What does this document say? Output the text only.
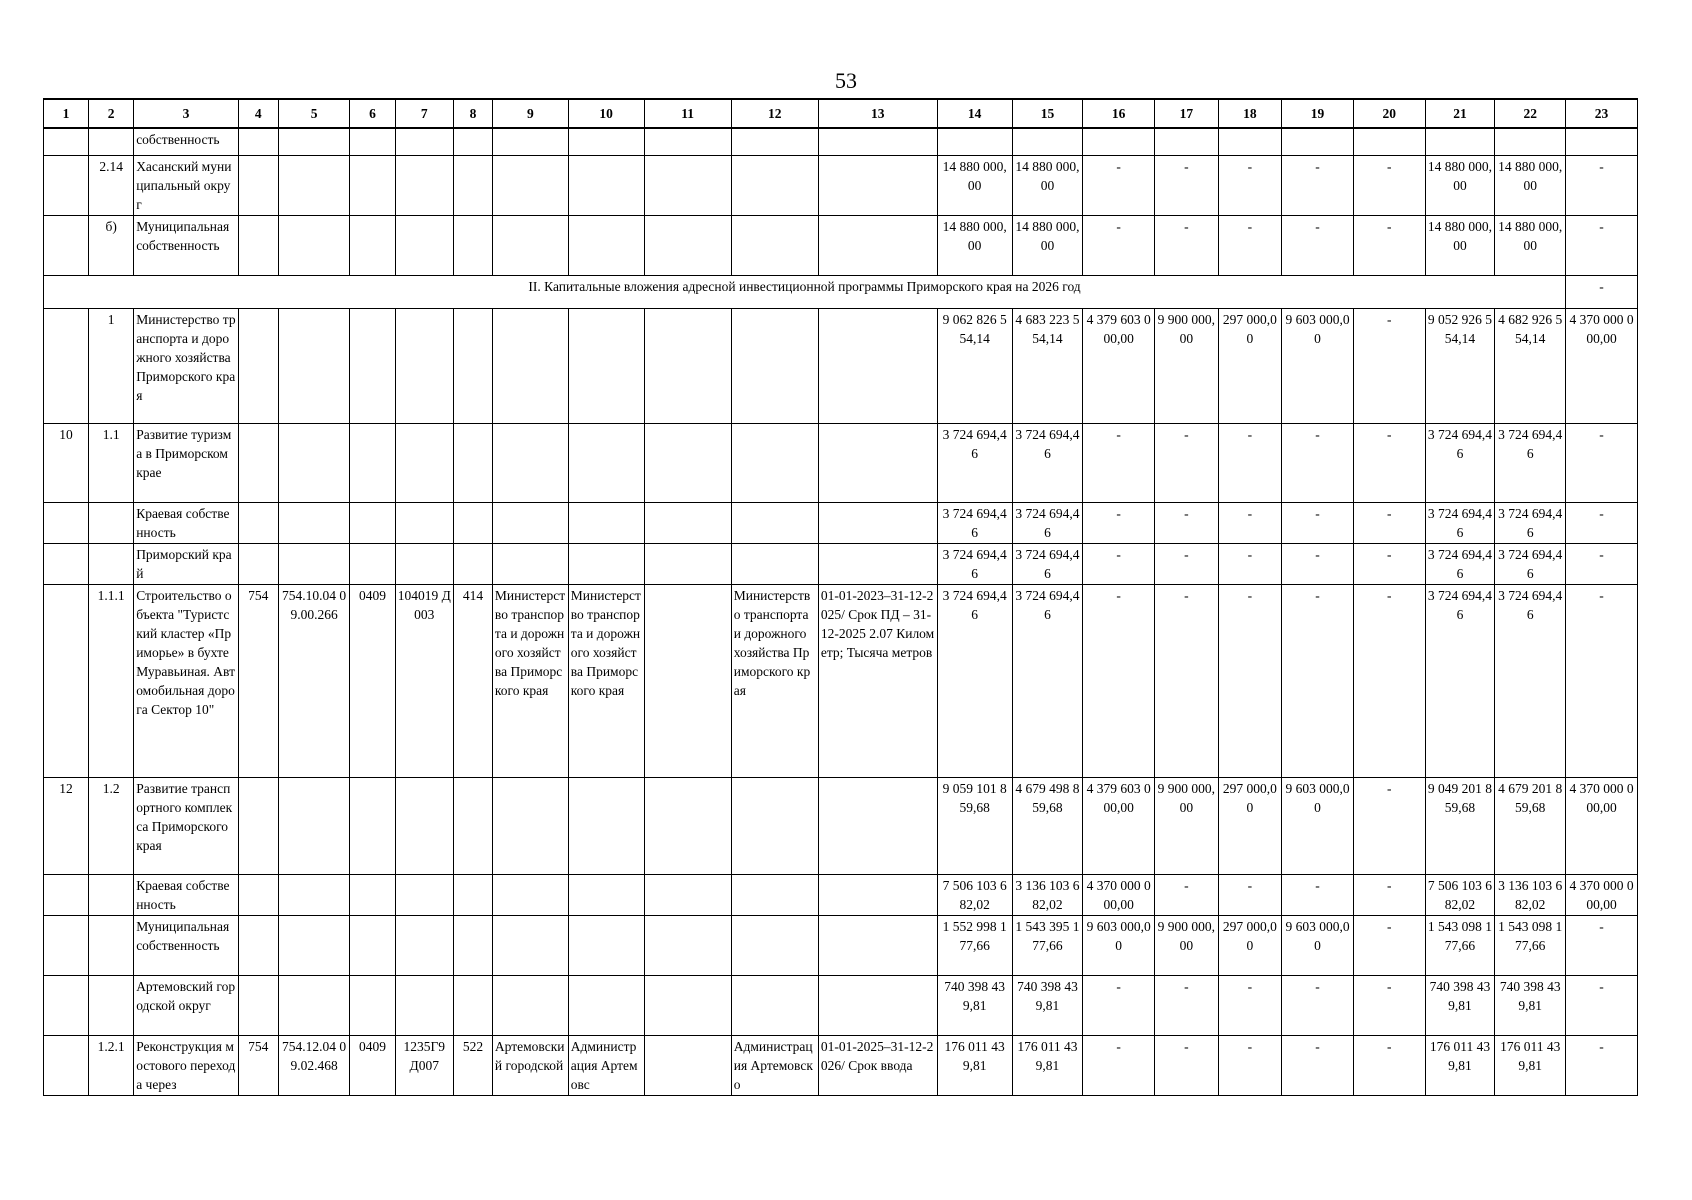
53
1	2	3	4	5	6	7	8	9	10	11	12	13	14	15	16	17	18	19	20	21	22	23
		собственность																				
	2.14	Хасанский муниципальный округ											14 880 000,00	14 880 000,00	-	-	-	-	-	14 880 000,00	14 880 000,00	-
	б)	Муниципальная собственность											14 880 000,00	14 880 000,00	-	-	-	-	-	14 880 000,00	14 880 000,00	-
II. Капитальные вложения адресной инвестиционной программы Приморского края на 2026 год																						-
	1	Министерство транспорта и дорожного хозяйства Приморского края											9 062 826 554,14	4 683 223 554,14	4 379 603 000,00	9 900 000,00	297 000,00	9 603 000,00	-	9 052 926 554,14	4 682 926 554,14	4 370 000 000,00
10	1.1	Развитие туризма в Приморском крае											3 724 694,46	3 724 694,46	-	-	-	-	-	3 724 694,46	3 724 694,46	-
		Краевая собственность											3 724 694,46	3 724 694,46	-	-	-	-	-	3 724 694,46	3 724 694,46	-
		Приморский край											3 724 694,46	3 724 694,46	-	-	-	-	-	3 724 694,46	3 724 694,46	-
	1.1.1	Строительство объекта "Туристский кластер «Приморье» в бухте Муравьиная. Автомобильная дорога Сектор 10"	754	754.10.04 09.00.266	0409	104019 Д003	414	Министерство транспорта и дорожного хозяйства Приморского края	Министерство транспорта и дорожного хозяйства Приморского края		Министерство транспорта и дорожного хозяйства Приморского края	01-01-2023–31-12-2025/ Срок ПД – 31-12-2025 2.07 Километр; Тысяча метров	3 724 694,46	3 724 694,46	-	-	-	-	-	3 724 694,46	3 724 694,46	-
12	1.2	Развитие транспортного комплекса Приморского края											9 059 101 859,68	4 679 498 859,68	4 379 603 000,00	9 900 000,00	297 000,00	9 603 000,00	-	9 049 201 859,68	4 679 201 859,68	4 370 000 000,00
		Краевая собственность											7 506 103 682,02	3 136 103 682,02	4 370 000 000,00	-	-	-	-	7 506 103 682,02	3 136 103 682,02	4 370 000 000,00
		Муниципальная собственность											1 552 998 177,66	1 543 395 177,66	9 603 000,00	9 900 000,00	297 000,00	9 603 000,00	-	1 543 098 177,66	1 543 098 177,66	-
		Артемовский городской округ											740 398 439,81	740 398 439,81	-	-	-	-	-	740 398 439,81	740 398 439,81	-
	1.2.1	Реконструкция мостового перехода через	754	754.12.04 09.02.468	0409	1235Г9 Д007	522	Артемовский городской	Администрация Артемовс		Администрация Артемовско	01-01-2025–31-12-2026/ Срок ввода	176 011 439,81	176 011 439,81	-	-	-	-	-	176 011 439,81	176 011 439,81	-
